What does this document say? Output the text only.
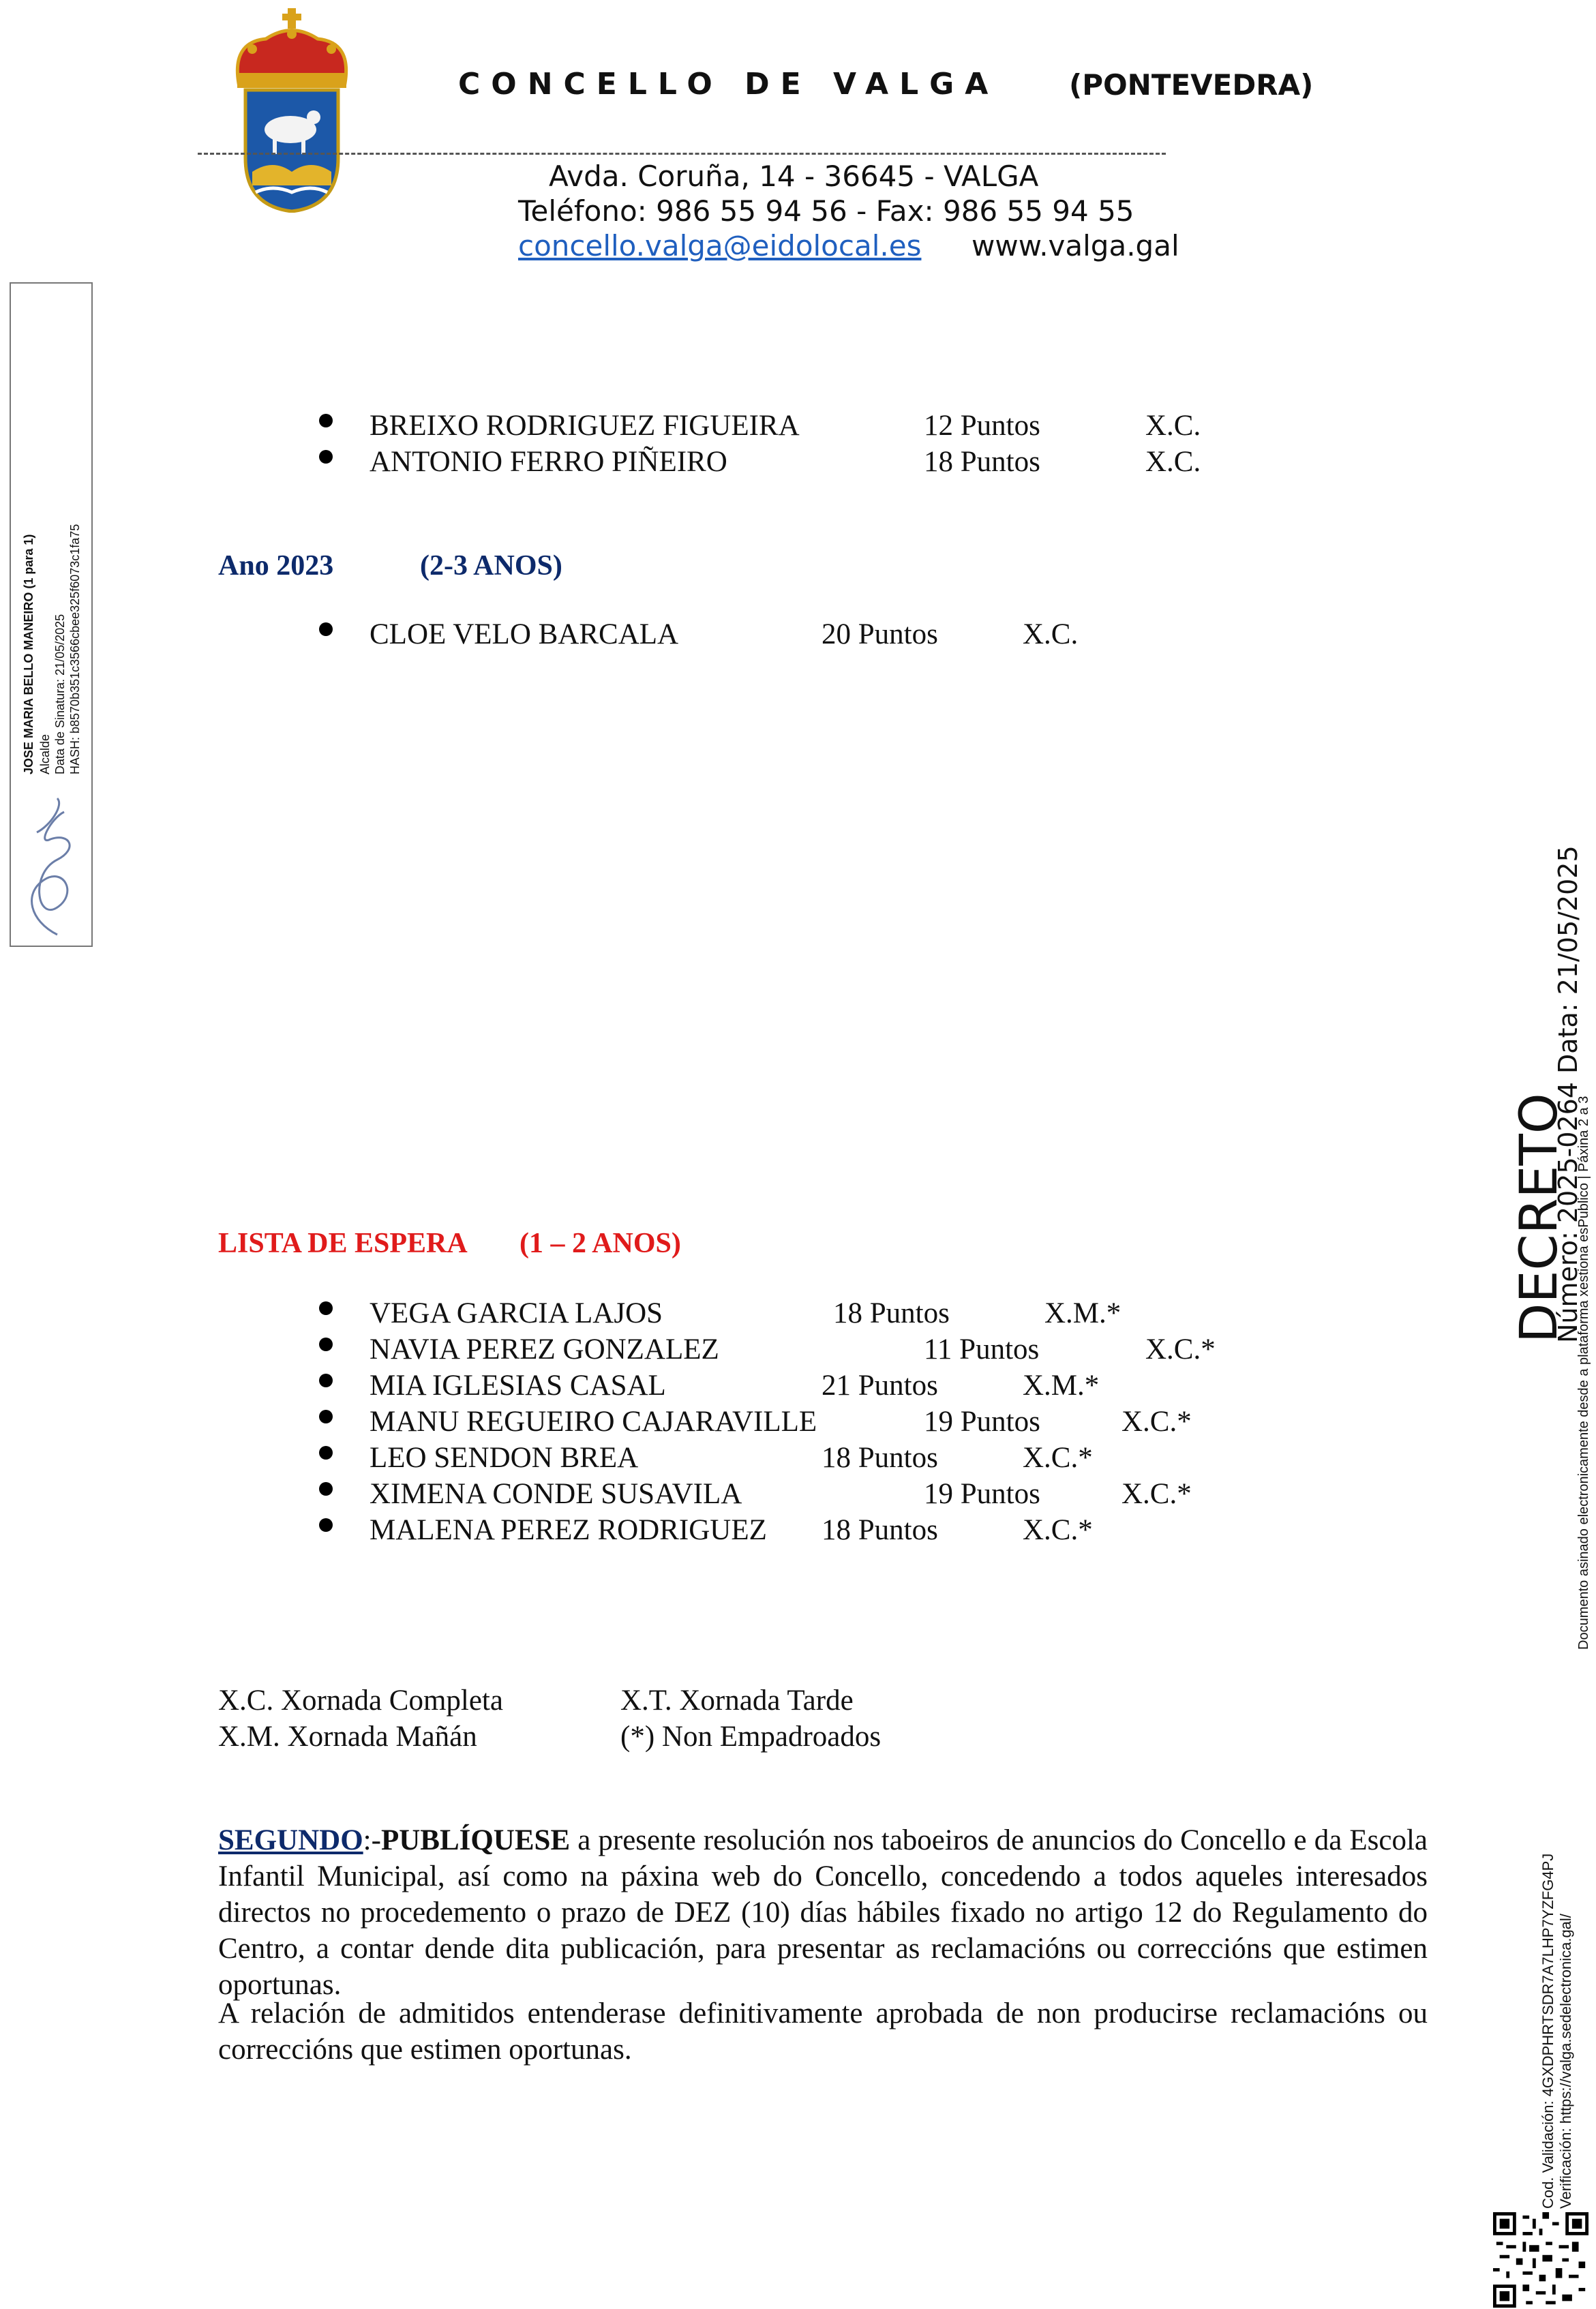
CONCELLO DE VALGA (PONTEVEDRA)
Avda. Coruña, 14 - 36645 - VALGA
Teléfono: 986 55 94 56 - Fax: 986 55 94 55
concello.valga@eidolocal.es www.valga.gal
JOSE MARIA BELLO MANEIRO (1 para 1) Alcalde Data de Sinatura: 21/05/2025 HASH: b8570b351c3566cbee325f6073c1fa75
BREIXO RODRIGUEZ FIGUEIRA	12 Puntos	X.C.
ANTONIO FERRO PIÑEIRO	18 Puntos	X.C.
Ano 2023	(2-3 ANOS)
CLOE VELO BARCALA	20 Puntos	X.C.
LISTA DE ESPERA (1 – 2 ANOS)
VEGA GARCIA LAJOS	18 Puntos	X.M.*
NAVIA PEREZ GONZALEZ	11 Puntos	X.C.*
MIA IGLESIAS CASAL	21 Puntos	X.M.*
MANU REGUEIRO CAJARAVILLE	19 Puntos	X.C.*
LEO SENDON BREA	18 Puntos	X.C.*
XIMENA CONDE SUSAVILA	19 Puntos	X.C.*
MALENA PEREZ RODRIGUEZ 18 Puntos	X.C.*
X.C. Xornada Completa	X.T. Xornada Tarde
X.M. Xornada Mañán	(*) Non Empadroados
SEGUNDO:-PUBLÍQUESE a presente resolución nos taboeiros de anuncios do Concello e da Escola Infantil Municipal, así como na páxina web do Concello, concedendo a todos aqueles interesados directos no procedemento o prazo de DEZ (10) días hábiles fixado no artigo 12 do Regulamento do Centro, a contar dende dita publicación, para presentar as reclamacións ou correccións que estimen oportunas.
A relación de admitidos entenderase definitivamente aprobada de non producirse reclamacións ou correccións que estimen oportunas.
DECRETO
Número: 2025-0264 Data: 21/05/2025
Documento asinado electronicamente desde a plataforma xestiona esPublico | Páxina 2 a 3
Cod. Validación: 4GXDPHRTSDR7A7LHP7YZFG4PJ Verificación: https://valga.sedelectronica.gal/
